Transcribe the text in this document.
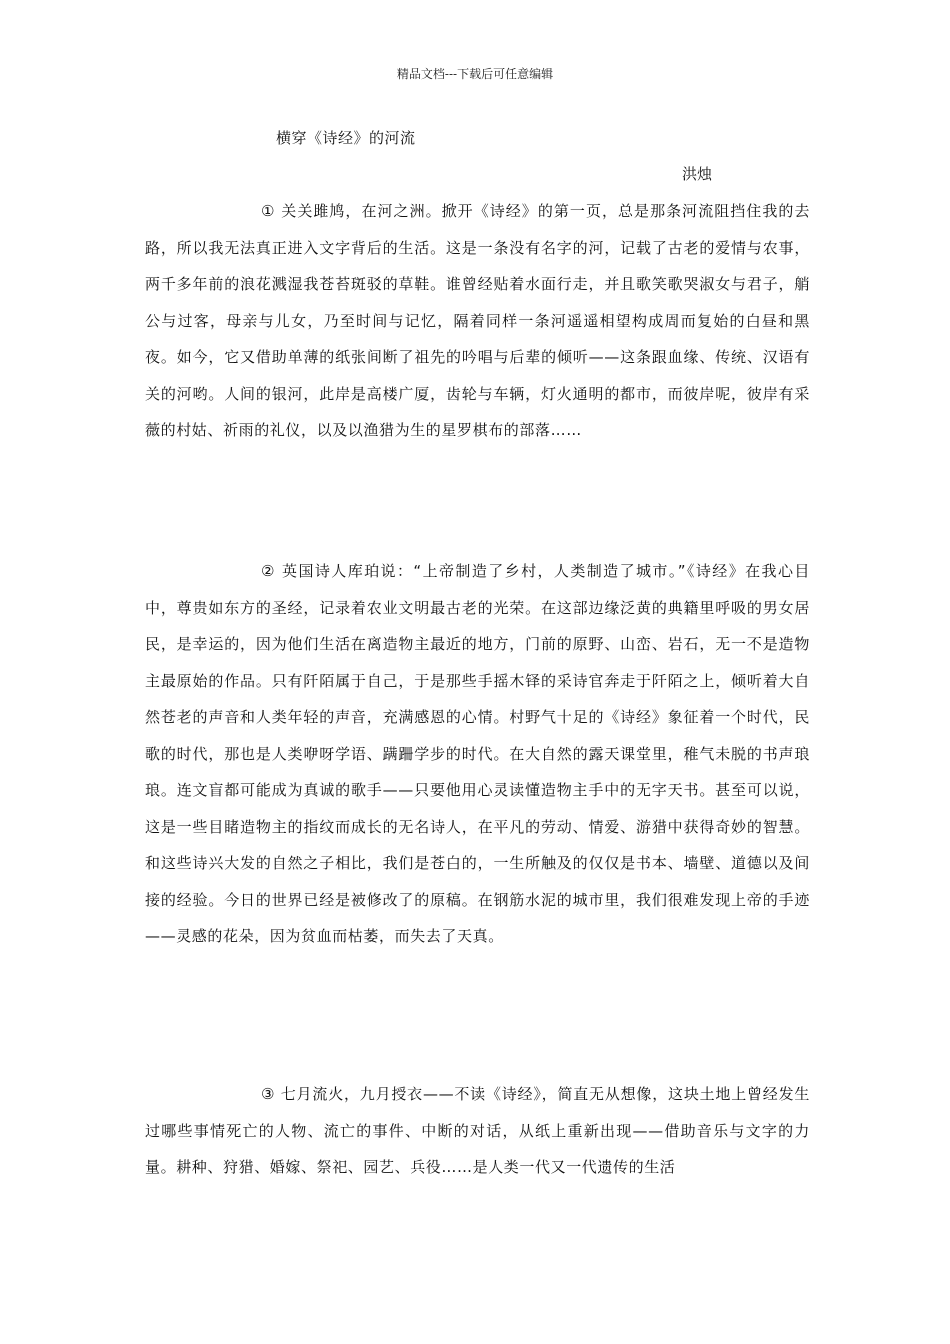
精品文档---下载后可任意编辑
横穿《诗经》的河流
洪烛

① 关关雎鸠，在河之洲。掀开《诗经》的第一页，总是那条河流阻挡住我的去路，所以我无法真正进入文字背后的生活。这是一条没有名字的河，记载了古老的爱情与农事，两千多年前的浪花溅湿我苍苔斑驳的草鞋。谁曾经贴着水面行走，并且歌笑歌哭淑女与君子，艄公与过客，母亲与儿女，乃至时间与记忆，隔着同样一条河遥遥相望构成周而复始的白昼和黑夜。如今，它又借助单薄的纸张间断了祖先的吟唱与后辈的倾听——这条跟血缘、传统、汉语有关的河哟。人间的银河，此岸是高楼广厦，齿轮与车辆，灯火通明的都市，而彼岸呢，彼岸有采薇的村姑、祈雨的礼仪，以及以渔猎为生的星罗棋布的部落……

② 英国诗人库珀说：“上帝制造了乡村，人类制造了城市。”《诗经》在我心目中，尊贵如东方的圣经，记录着农业文明最古老的光荣。在这部边缘泛黄的典籍里呼吸的男女居民，是幸运的，因为他们生活在离造物主最近的地方，门前的原野、山峦、岩石，无一不是造物主最原始的作品。只有阡陌属于自己，于是那些手摇木铎的采诗官奔走于阡陌之上，倾听着大自然苍老的声音和人类年轻的声音，充满感恩的心情。村野气十足的《诗经》象征着一个时代，民歌的时代，那也是人类咿呀学语、蹒跚学步的时代。在大自然的露天课堂里，稚气未脱的书声琅琅。连文盲都可能成为真诚的歌手——只要他用心灵读懂造物主手中的无字天书。甚至可以说，这是一些目睹造物主的指纹而成长的无名诗人，在平凡的劳动、情爱、游猎中获得奇妙的智慧。和这些诗兴大发的自然之子相比，我们是苍白的，一生所触及的仅仅是书本、墙壁、道德以及间接的经验。今日的世界已经是被修改了的原稿。在钢筋水泥的城市里，我们很难发现上帝的手迹——灵感的花朵，因为贫血而枯萎，而失去了天真。

③ 七月流火，九月授衣——不读《诗经》，简直无从想像，这块土地上曾经发生过哪些事情死亡的人物、流亡的事件、中断的对话，从纸上重新出现——借助音乐与文字的力量。耕种、狩猎、婚嫁、祭祀、园艺、兵役……是人类一代又一代遗传的生活
